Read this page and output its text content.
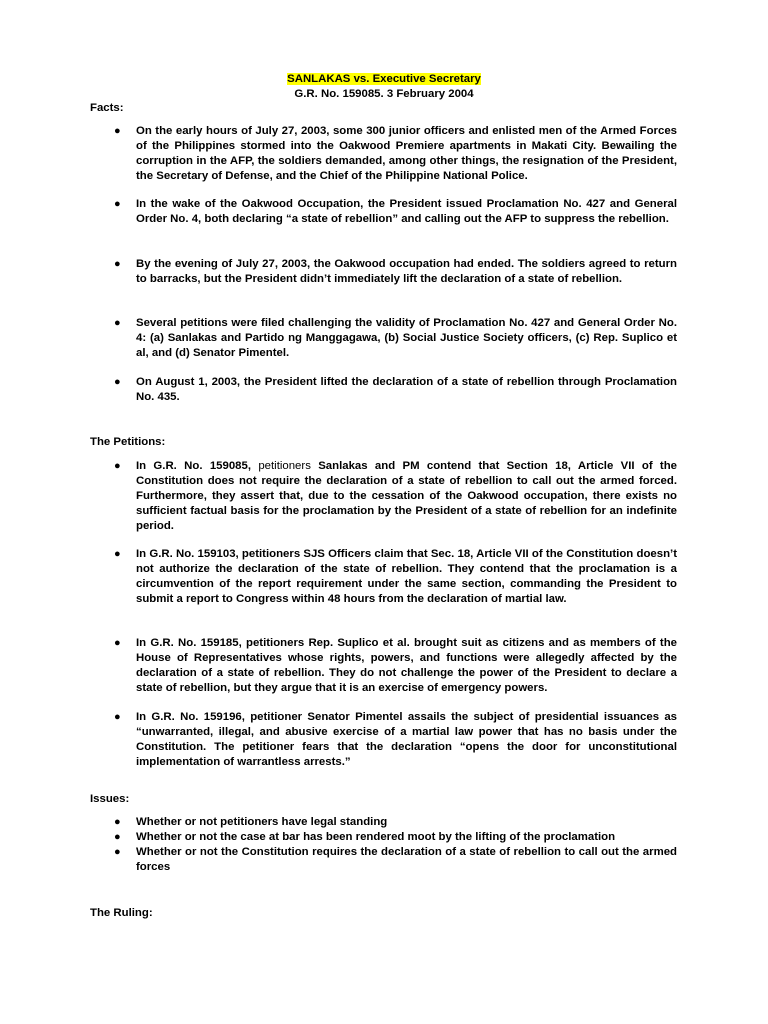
SANLAKAS vs. Executive Secretary
G.R. No. 159085. 3 February 2004
Facts:
● On the early hours of July 27, 2003, some 300 junior officers and enlisted men of the Armed Forces of the Philippines stormed into the Oakwood Premiere apartments in Makati City. Bewailing the corruption in the AFP, the soldiers demanded, among other things, the resignation of the President, the Secretary of Defense, and the Chief of the Philippine National Police.
● In the wake of the Oakwood Occupation, the President issued Proclamation No. 427 and General Order No. 4, both declaring “a state of rebellion” and calling out the AFP to suppress the rebellion.
● By the evening of July 27, 2003, the Oakwood occupation had ended. The soldiers agreed to return to barracks, but the President didn’t immediately lift the declaration of a state of rebellion.
● Several petitions were filed challenging the validity of Proclamation No. 427 and General Order No. 4: (a) Sanlakas and Partido ng Manggagawa, (b) Social Justice Society officers, (c) Rep. Suplico et al, and (d) Senator Pimentel.
● On August 1, 2003, the President lifted the declaration of a state of rebellion through Proclamation No. 435.
The Petitions:
● In G.R. No. 159085, petitioners Sanlakas and PM contend that Section 18, Article VII of the Constitution does not require the declaration of a state of rebellion to call out the armed forced. Furthermore, they assert that, due to the cessation of the Oakwood occupation, there exists no sufficient factual basis for the proclamation by the President of a state of rebellion for an indefinite period.
● In G.R. No. 159103, petitioners SJS Officers claim that Sec. 18, Article VII of the Constitution doesn’t not authorize the declaration of the state of rebellion. They contend that the proclamation is a circumvention of the report requirement under the same section, commanding the President to submit a report to Congress within 48 hours from the declaration of martial law.
● In G.R. No. 159185, petitioners Rep. Suplico et al. brought suit as citizens and as members of the House of Representatives whose rights, powers, and functions were allegedly affected by the declaration of a state of rebellion. They do not challenge the power of the President to declare a state of rebellion, but they argue that it is an exercise of emergency powers.
● In G.R. No. 159196, petitioner Senator Pimentel assails the subject of presidential issuances as “unwarranted, illegal, and abusive exercise of a martial law power that has no basis under the Constitution. The petitioner fears that the declaration “opens the door for unconstitutional implementation of warrantless arrests.”
Issues:
● Whether or not petitioners have legal standing
● Whether or not the case at bar has been rendered moot by the lifting of the proclamation
● Whether or not the Constitution requires the declaration of a state of rebellion to call out the armed forces
The Ruling:
